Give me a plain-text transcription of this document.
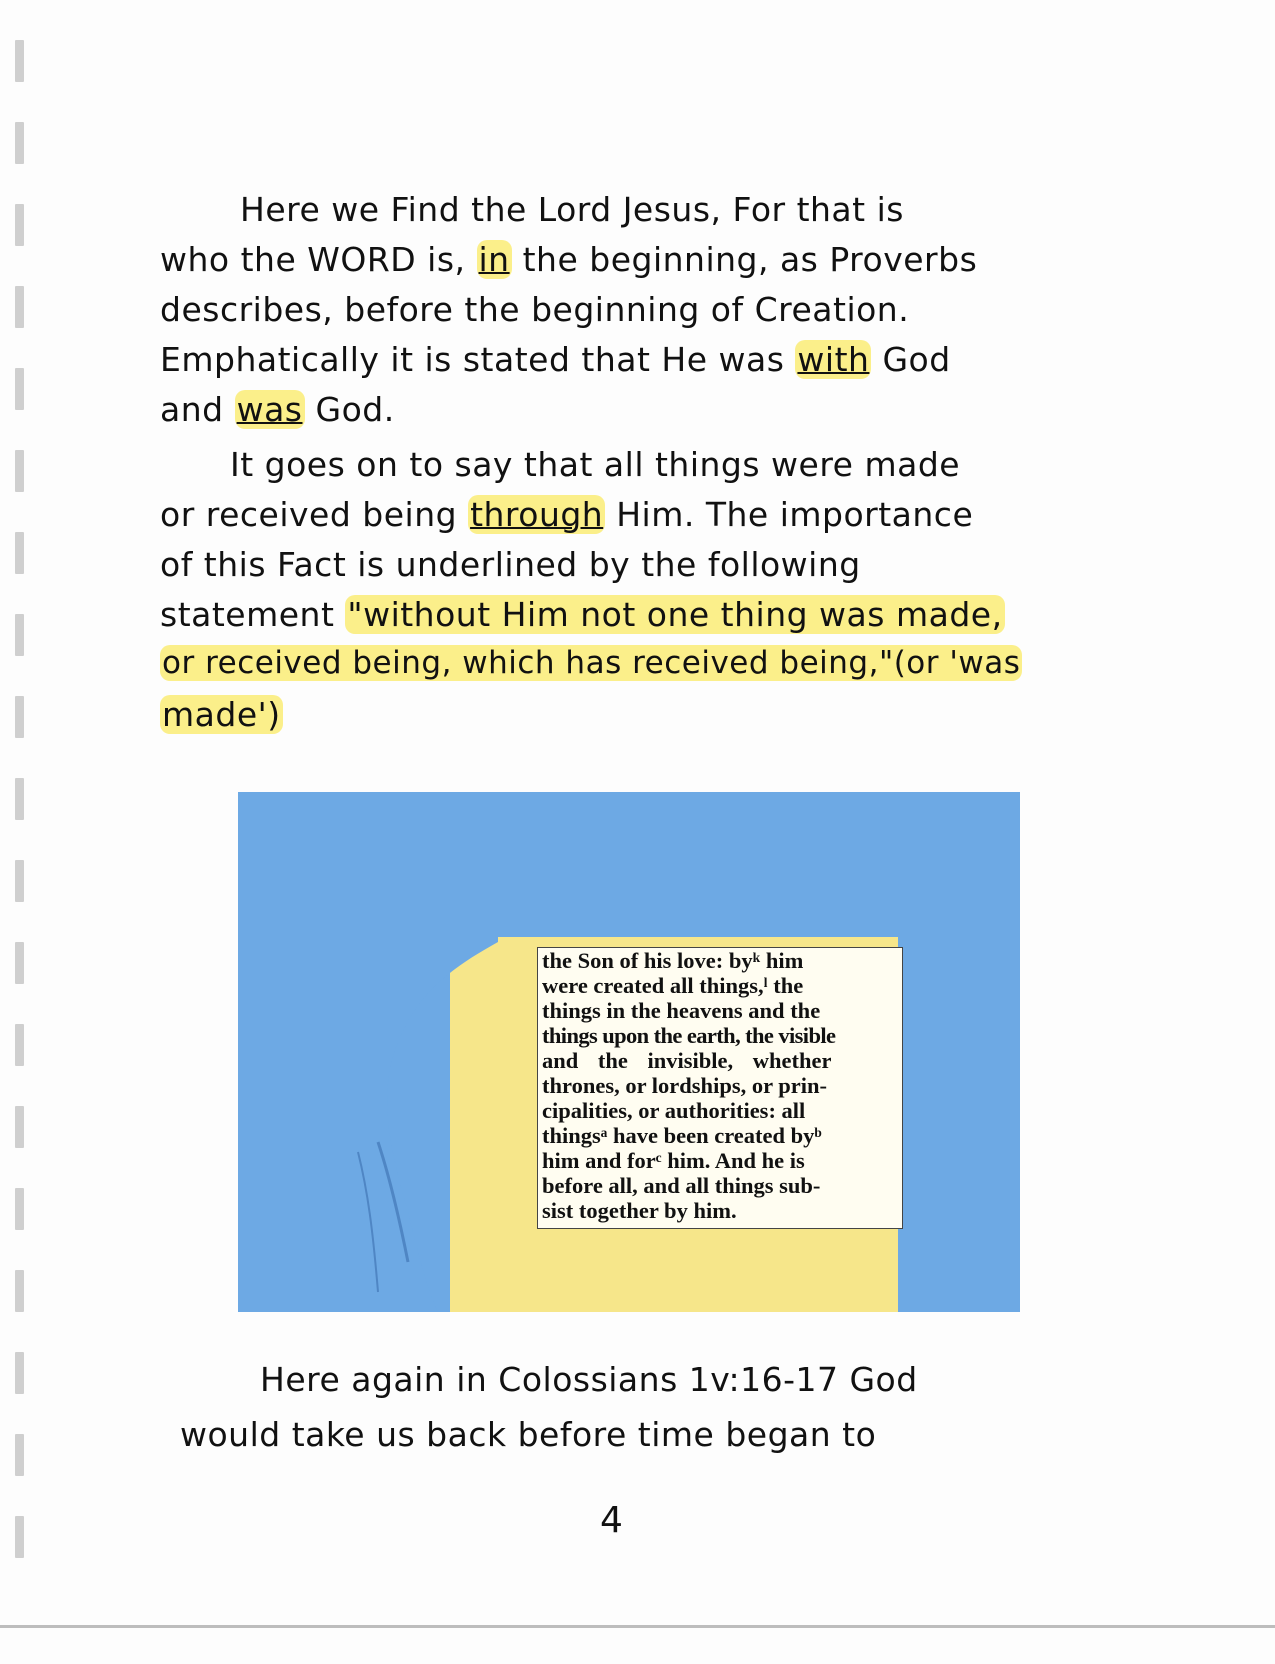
Here we Find the Lord Jesus, For that is
who the WORD is, in the beginning, as Proverbs
describes, before the beginning of Creation.
Emphatically it is stated that He was with God
and was God.
It goes on to say that all things were made
or received being through Him. The importance
of this Fact is underlined by the following
statement "without Him not one thing was made,
or received being, which has received being,"(or 'was
made')
the Son of his love: byᵏ him
were created all things,ˡ the
things in the heavens and the
things upon the earth, the visible
and the invisible, whether
thrones, or lordships, or prin-
cipalities, or authorities: all
thingsᵃ have been created byᵇ
him and forᶜ him. And he is
before all, and all things sub-
sist together by him.
Here again in Colossians 1v:16-17 God
would take us back before time began to
4
